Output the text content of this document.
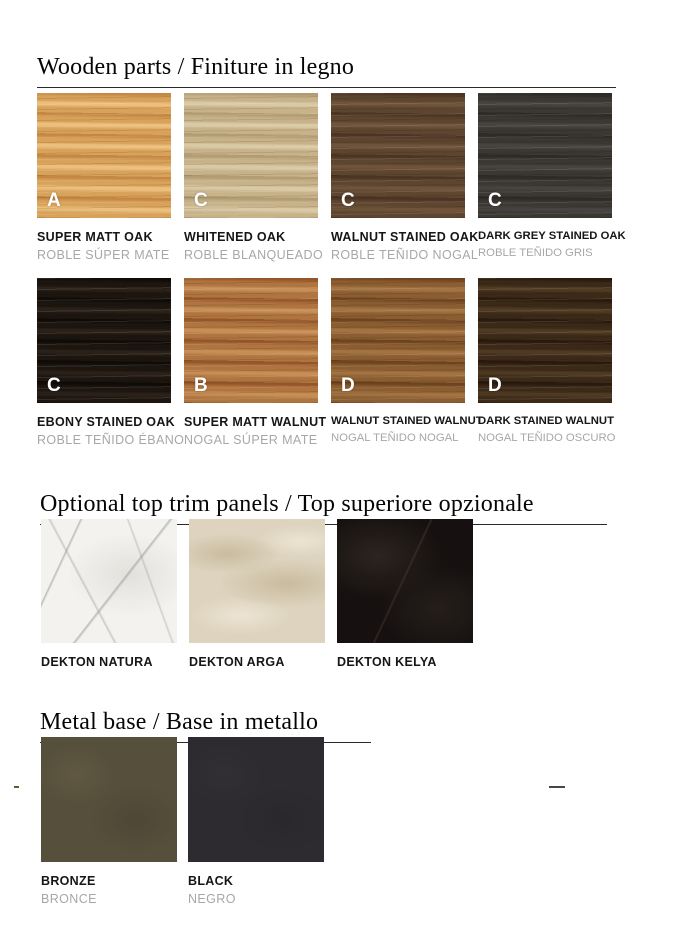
Wooden parts / Finiture in legno
A
SUPER MATT OAK
ROBLE SÚPER MATE
C
WHITENED OAK
ROBLE BLANQUEADO
C
WALNUT STAINED OAK
ROBLE TEÑIDO NOGAL
C
DARK GREY STAINED OAK
ROBLE TEÑIDO GRIS
C
EBONY STAINED OAK
ROBLE TEÑIDO ÉBANO
B
SUPER MATT WALNUT
NOGAL SÚPER MATE
D
WALNUT STAINED WALNUT
NOGAL TEÑIDO NOGAL
D
DARK STAINED WALNUT
NOGAL TEÑIDO OSCURO
Optional top trim panels / Top superiore opzionale
DEKTON NATURA	DEKTON ARGA	DEKTON KELYA
Metal base / Base in metallo
BRONZE
BRONCE
BLACK
NEGRO
